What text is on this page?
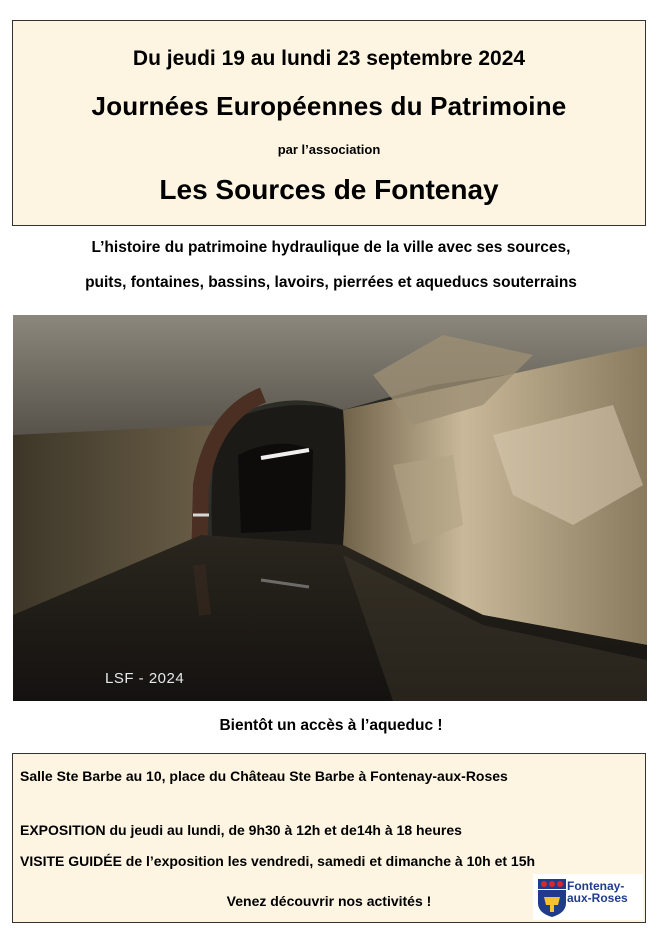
Du jeudi 19 au lundi 23 septembre 2024
Journées Européennes du Patrimoine
par l’association
Les Sources de Fontenay
L’histoire du patrimoine hydraulique de la ville avec ses sources,
puits, fontaines, bassins, lavoirs, pierrées et aqueducs souterrains
LSF - 2024
Bientôt un accès à l’aqueduc !
Salle Ste Barbe au 10, place du Château Ste Barbe à Fontenay-aux-Roses
EXPOSITION du jeudi au lundi, de 9h30 à 12h et de14h à 18 heures
VISITE GUIDÉE de l’exposition les vendredi, samedi et dimanche à 10h et 15h
Venez découvrir nos activités !
Fontenay-
aux-Roses
